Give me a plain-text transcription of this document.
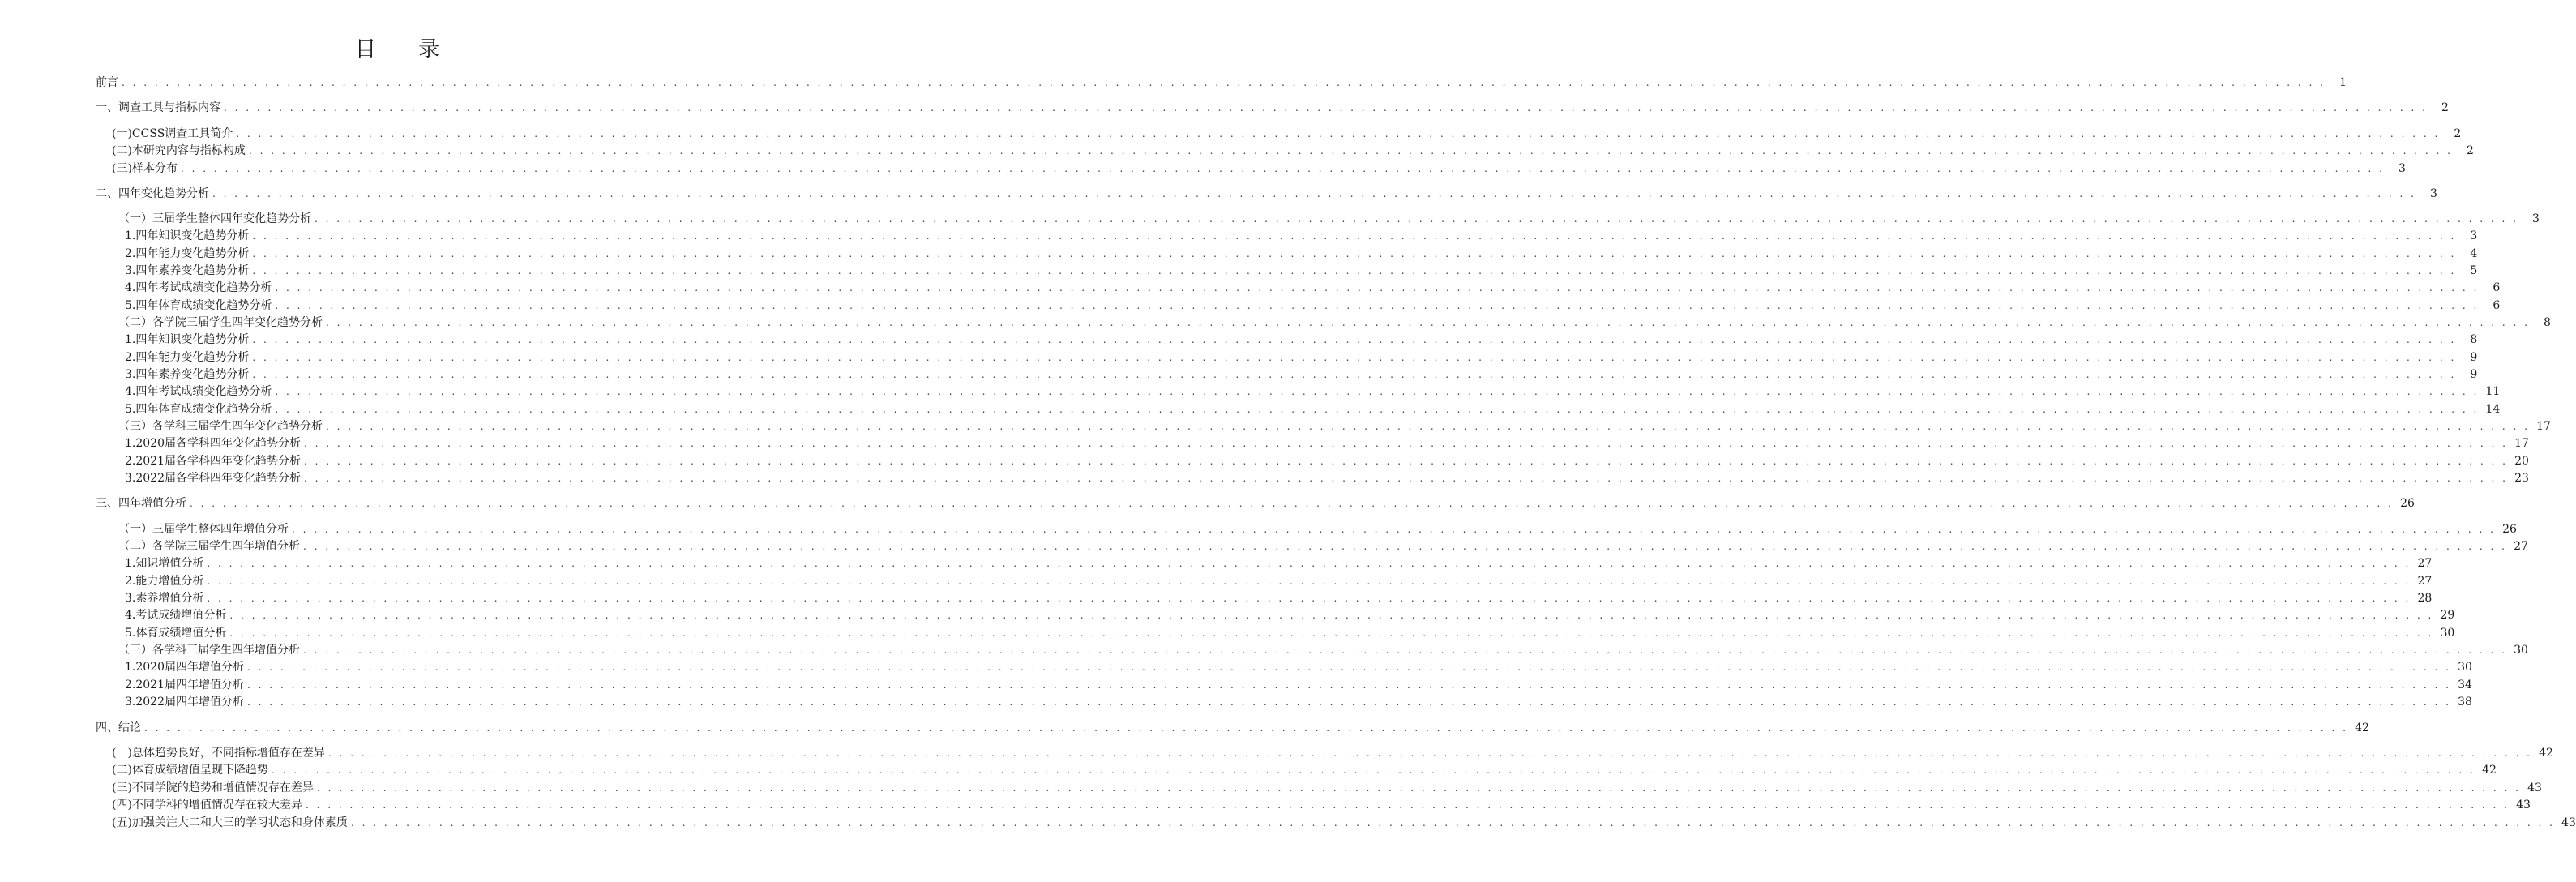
目 录
前言 . . . . . . . . . . . . . . . . . . . . . . . . . . . . . . . . . . . . . . . . . . . . . . . . . . . . . . . . . . . . . . . . . . . . . . . . . . . . . . . . . . . . . . . . . . . . . . . . . . . . . . . . . . . . . . . . . . . . . . . . . . . . . . . . . . . . . . . . . . . . . . . . . . . . . . . . . . . . . . . . . . . . . . . . . . . . . . . . . . . . . . . . . . . . . . . . . . . . . . . .	1
一、调查工具与指标内容 . . . . . . . . . . . . . . . . . . . . . . . . . . . . . . . . . . . . . . . . . . . . . . . . . . . . . . . . . . . . . . . . . . . . . . . . . . . . . . . . . . . . . . . . . . . . . . . . . . . . . . . . . . . . . . . . . . . . . . . . . . . . . . . . . . . . . . . . . . . . . . . . . . . . . . . . . . . . . . . . . . . . . . . . . . . . . . . . . . . . . . . . . . . . . . . . . . . . . . . .	2
(一)CCSS调查工具简介 . . . . . . . . . . . . . . . . . . . . . . . . . . . . . . . . . . . . . . . . . . . . . . . . . . . . . . . . . . . . . . . . . . . . . . . . . . . . . . . . . . . . . . . . . . . . . . . . . . . . . . . . . . . . . . . . . . . . . . . . . . . . . . . . . . . . . . . . . . . . . . . . . . . . . . . . . . . . . . . . . . . . . . . . . . . . . . . . . . . . . . . . . . . . . . . . . . . . . . . .	2
(二)本研究内容与指标构成 . . . . . . . . . . . . . . . . . . . . . . . . . . . . . . . . . . . . . . . . . . . . . . . . . . . . . . . . . . . . . . . . . . . . . . . . . . . . . . . . . . . . . . . . . . . . . . . . . . . . . . . . . . . . . . . . . . . . . . . . . . . . . . . . . . . . . . . . . . . . . . . . . . . . . . . . . . . . . . . . . . . . . . . . . . . . . . . . . . . . . . . . . . . . . . . . . . . . . . . .	2
(三)样本分布 . . . . . . . . . . . . . . . . . . . . . . . . . . . . . . . . . . . . . . . . . . . . . . . . . . . . . . . . . . . . . . . . . . . . . . . . . . . . . . . . . . . . . . . . . . . . . . . . . . . . . . . . . . . . . . . . . . . . . . . . . . . . . . . . . . . . . . . . . . . . . . . . . . . . . . . . . . . . . . . . . . . . . . . . . . . . . . . . . . . . . . . . . . . . . . . . . . . . . . . .	3
二、四年变化趋势分析 . . . . . . . . . . . . . . . . . . . . . . . . . . . . . . . . . . . . . . . . . . . . . . . . . . . . . . . . . . . . . . . . . . . . . . . . . . . . . . . . . . . . . . . . . . . . . . . . . . . . . . . . . . . . . . . . . . . . . . . . . . . . . . . . . . . . . . . . . . . . . . . . . . . . . . . . . . . . . . . . . . . . . . . . . . . . . . . . . . . . . . . . . . . . . . . . . . . . . . . .	3
（一）三届学生整体四年变化趋势分析 . . . . . . . . . . . . . . . . . . . . . . . . . . . . . . . . . . . . . . . . . . . . . . . . . . . . . . . . . . . . . . . . . . . . . . . . . . . . . . . . . . . . . . . . . . . . . . . . . . . . . . . . . . . . . . . . . . . . . . . . . . . . . . . . . . . . . . . . . . . . . . . . . . . . . . . . . . . . . . . . . . . . . . . . . . . . . . . . . . . . . . . . . . . . . . . . . . . . . . . .	3
1.四年知识变化趋势分析 . . . . . . . . . . . . . . . . . . . . . . . . . . . . . . . . . . . . . . . . . . . . . . . . . . . . . . . . . . . . . . . . . . . . . . . . . . . . . . . . . . . . . . . . . . . . . . . . . . . . . . . . . . . . . . . . . . . . . . . . . . . . . . . . . . . . . . . . . . . . . . . . . . . . . . . . . . . . . . . . . . . . . . . . . . . . . . . . . . . . . . . . . . . . . . . . . . . . . . . .	3
2.四年能力变化趋势分析 . . . . . . . . . . . . . . . . . . . . . . . . . . . . . . . . . . . . . . . . . . . . . . . . . . . . . . . . . . . . . . . . . . . . . . . . . . . . . . . . . . . . . . . . . . . . . . . . . . . . . . . . . . . . . . . . . . . . . . . . . . . . . . . . . . . . . . . . . . . . . . . . . . . . . . . . . . . . . . . . . . . . . . . . . . . . . . . . . . . . . . . . . . . . . . . . . . . . . . . .	4
3.四年素养变化趋势分析 . . . . . . . . . . . . . . . . . . . . . . . . . . . . . . . . . . . . . . . . . . . . . . . . . . . . . . . . . . . . . . . . . . . . . . . . . . . . . . . . . . . . . . . . . . . . . . . . . . . . . . . . . . . . . . . . . . . . . . . . . . . . . . . . . . . . . . . . . . . . . . . . . . . . . . . . . . . . . . . . . . . . . . . . . . . . . . . . . . . . . . . . . . . . . . . . . . . . . . . .	5
4.四年考试成绩变化趋势分析 . . . . . . . . . . . . . . . . . . . . . . . . . . . . . . . . . . . . . . . . . . . . . . . . . . . . . . . . . . . . . . . . . . . . . . . . . . . . . . . . . . . . . . . . . . . . . . . . . . . . . . . . . . . . . . . . . . . . . . . . . . . . . . . . . . . . . . . . . . . . . . . . . . . . . . . . . . . . . . . . . . . . . . . . . . . . . . . . . . . . . . . . . . . . . . . . . . . . . . . .	6
5.四年体育成绩变化趋势分析 . . . . . . . . . . . . . . . . . . . . . . . . . . . . . . . . . . . . . . . . . . . . . . . . . . . . . . . . . . . . . . . . . . . . . . . . . . . . . . . . . . . . . . . . . . . . . . . . . . . . . . . . . . . . . . . . . . . . . . . . . . . . . . . . . . . . . . . . . . . . . . . . . . . . . . . . . . . . . . . . . . . . . . . . . . . . . . . . . . . . . . . . . . . . . . . . . . . . . . . .	6
（二）各学院三届学生四年变化趋势分析 . . . . . . . . . . . . . . . . . . . . . . . . . . . . . . . . . . . . . . . . . . . . . . . . . . . . . . . . . . . . . . . . . . . . . . . . . . . . . . . . . . . . . . . . . . . . . . . . . . . . . . . . . . . . . . . . . . . . . . . . . . . . . . . . . . . . . . . . . . . . . . . . . . . . . . . . . . . . . . . . . . . . . . . . . . . . . . . . . . . . . . . . . . . . . . . . . . . . . . . .	8
1.四年知识变化趋势分析 . . . . . . . . . . . . . . . . . . . . . . . . . . . . . . . . . . . . . . . . . . . . . . . . . . . . . . . . . . . . . . . . . . . . . . . . . . . . . . . . . . . . . . . . . . . . . . . . . . . . . . . . . . . . . . . . . . . . . . . . . . . . . . . . . . . . . . . . . . . . . . . . . . . . . . . . . . . . . . . . . . . . . . . . . . . . . . . . . . . . . . . . . . . . . . . . . . . . . . . .	8
2.四年能力变化趋势分析 . . . . . . . . . . . . . . . . . . . . . . . . . . . . . . . . . . . . . . . . . . . . . . . . . . . . . . . . . . . . . . . . . . . . . . . . . . . . . . . . . . . . . . . . . . . . . . . . . . . . . . . . . . . . . . . . . . . . . . . . . . . . . . . . . . . . . . . . . . . . . . . . . . . . . . . . . . . . . . . . . . . . . . . . . . . . . . . . . . . . . . . . . . . . . . . . . . . . . . . .	9
3.四年素养变化趋势分析 . . . . . . . . . . . . . . . . . . . . . . . . . . . . . . . . . . . . . . . . . . . . . . . . . . . . . . . . . . . . . . . . . . . . . . . . . . . . . . . . . . . . . . . . . . . . . . . . . . . . . . . . . . . . . . . . . . . . . . . . . . . . . . . . . . . . . . . . . . . . . . . . . . . . . . . . . . . . . . . . . . . . . . . . . . . . . . . . . . . . . . . . . . . . . . . . . . . . . . . .	9
4.四年考试成绩变化趋势分析 . . . . . . . . . . . . . . . . . . . . . . . . . . . . . . . . . . . . . . . . . . . . . . . . . . . . . . . . . . . . . . . . . . . . . . . . . . . . . . . . . . . . . . . . . . . . . . . . . . . . . . . . . . . . . . . . . . . . . . . . . . . . . . . . . . . . . . . . . . . . . . . . . . . . . . . . . . . . . . . . . . . . . . . . . . . . . . . . . . . . . . . . . . . . . . . . . . . . . . . . 11
5.四年体育成绩变化趋势分析 . . . . . . . . . . . . . . . . . . . . . . . . . . . . . . . . . . . . . . . . . . . . . . . . . . . . . . . . . . . . . . . . . . . . . . . . . . . . . . . . . . . . . . . . . . . . . . . . . . . . . . . . . . . . . . . . . . . . . . . . . . . . . . . . . . . . . . . . . . . . . . . . . . . . . . . . . . . . . . . . . . . . . . . . . . . . . . . . . . . . . . . . . . . . . . . . . . . . . . . . 14
（三）各学科三届学生四年变化趋势分析 . . . . . . . . . . . . . . . . . . . . . . . . . . . . . . . . . . . . . . . . . . . . . . . . . . . . . . . . . . . . . . . . . . . . . . . . . . . . . . . . . . . . . . . . . . . . . . . . . . . . . . . . . . . . . . . . . . . . . . . . . . . . . . . . . . . . . . . . . . . . . . . . . . . . . . . . . . . . . . . . . . . . . . . . . . . . . . . . . . . . . . . . . . . . . . . . . . . . . . . . 17
1.2020届各学科四年变化趋势分析 . . . . . . . . . . . . . . . . . . . . . . . . . . . . . . . . . . . . . . . . . . . . . . . . . . . . . . . . . . . . . . . . . . . . . . . . . . . . . . . . . . . . . . . . . . . . . . . . . . . . . . . . . . . . . . . . . . . . . . . . . . . . . . . . . . . . . . . . . . . . . . . . . . . . . . . . . . . . . . . . . . . . . . . . . . . . . . . . . . . . . . . . . . . . . . . . . . . . . . . . 17
2.2021届各学科四年变化趋势分析 . . . . . . . . . . . . . . . . . . . . . . . . . . . . . . . . . . . . . . . . . . . . . . . . . . . . . . . . . . . . . . . . . . . . . . . . . . . . . . . . . . . . . . . . . . . . . . . . . . . . . . . . . . . . . . . . . . . . . . . . . . . . . . . . . . . . . . . . . . . . . . . . . . . . . . . . . . . . . . . . . . . . . . . . . . . . . . . . . . . . . . . . . . . . . . . . . . . . . . . . 20
3.2022届各学科四年变化趋势分析 . . . . . . . . . . . . . . . . . . . . . . . . . . . . . . . . . . . . . . . . . . . . . . . . . . . . . . . . . . . . . . . . . . . . . . . . . . . . . . . . . . . . . . . . . . . . . . . . . . . . . . . . . . . . . . . . . . . . . . . . . . . . . . . . . . . . . . . . . . . . . . . . . . . . . . . . . . . . . . . . . . . . . . . . . . . . . . . . . . . . . . . . . . . . . . . . . . . . . . . . 23
三、四年增值分析 . . . . . . . . . . . . . . . . . . . . . . . . . . . . . . . . . . . . . . . . . . . . . . . . . . . . . . . . . . . . . . . . . . . . . . . . . . . . . . . . . . . . . . . . . . . . . . . . . . . . . . . . . . . . . . . . . . . . . . . . . . . . . . . . . . . . . . . . . . . . . . . . . . . . . . . . . . . . . . . . . . . . . . . . . . . . . . . . . . . . . . . . . . . . . . . . . . . . . . . . 26
（一）三届学生整体四年增值分析 . . . . . . . . . . . . . . . . . . . . . . . . . . . . . . . . . . . . . . . . . . . . . . . . . . . . . . . . . . . . . . . . . . . . . . . . . . . . . . . . . . . . . . . . . . . . . . . . . . . . . . . . . . . . . . . . . . . . . . . . . . . . . . . . . . . . . . . . . . . . . . . . . . . . . . . . . . . . . . . . . . . . . . . . . . . . . . . . . . . . . . . . . . . . . . . . . . . . . . . . 26
（二）各学院三届学生四年增值分析 . . . . . . . . . . . . . . . . . . . . . . . . . . . . . . . . . . . . . . . . . . . . . . . . . . . . . . . . . . . . . . . . . . . . . . . . . . . . . . . . . . . . . . . . . . . . . . . . . . . . . . . . . . . . . . . . . . . . . . . . . . . . . . . . . . . . . . . . . . . . . . . . . . . . . . . . . . . . . . . . . . . . . . . . . . . . . . . . . . . . . . . . . . . . . . . . . . . . . . . . 27
1.知识增值分析 . . . . . . . . . . . . . . . . . . . . . . . . . . . . . . . . . . . . . . . . . . . . . . . . . . . . . . . . . . . . . . . . . . . . . . . . . . . . . . . . . . . . . . . . . . . . . . . . . . . . . . . . . . . . . . . . . . . . . . . . . . . . . . . . . . . . . . . . . . . . . . . . . . . . . . . . . . . . . . . . . . . . . . . . . . . . . . . . . . . . . . . . . . . . . . . . . . . . . . . . 27
2.能力增值分析 . . . . . . . . . . . . . . . . . . . . . . . . . . . . . . . . . . . . . . . . . . . . . . . . . . . . . . . . . . . . . . . . . . . . . . . . . . . . . . . . . . . . . . . . . . . . . . . . . . . . . . . . . . . . . . . . . . . . . . . . . . . . . . . . . . . . . . . . . . . . . . . . . . . . . . . . . . . . . . . . . . . . . . . . . . . . . . . . . . . . . . . . . . . . . . . . . . . . . . . . 27
3.素养增值分析 . . . . . . . . . . . . . . . . . . . . . . . . . . . . . . . . . . . . . . . . . . . . . . . . . . . . . . . . . . . . . . . . . . . . . . . . . . . . . . . . . . . . . . . . . . . . . . . . . . . . . . . . . . . . . . . . . . . . . . . . . . . . . . . . . . . . . . . . . . . . . . . . . . . . . . . . . . . . . . . . . . . . . . . . . . . . . . . . . . . . . . . . . . . . . . . . . . . . . . . . 28
4.考试成绩增值分析 . . . . . . . . . . . . . . . . . . . . . . . . . . . . . . . . . . . . . . . . . . . . . . . . . . . . . . . . . . . . . . . . . . . . . . . . . . . . . . . . . . . . . . . . . . . . . . . . . . . . . . . . . . . . . . . . . . . . . . . . . . . . . . . . . . . . . . . . . . . . . . . . . . . . . . . . . . . . . . . . . . . . . . . . . . . . . . . . . . . . . . . . . . . . . . . . . . . . . . . . 29
5.体育成绩增值分析 . . . . . . . . . . . . . . . . . . . . . . . . . . . . . . . . . . . . . . . . . . . . . . . . . . . . . . . . . . . . . . . . . . . . . . . . . . . . . . . . . . . . . . . . . . . . . . . . . . . . . . . . . . . . . . . . . . . . . . . . . . . . . . . . . . . . . . . . . . . . . . . . . . . . . . . . . . . . . . . . . . . . . . . . . . . . . . . . . . . . . . . . . . . . . . . . . . . . . . . . 30
（三）各学科三届学生四年增值分析 . . . . . . . . . . . . . . . . . . . . . . . . . . . . . . . . . . . . . . . . . . . . . . . . . . . . . . . . . . . . . . . . . . . . . . . . . . . . . . . . . . . . . . . . . . . . . . . . . . . . . . . . . . . . . . . . . . . . . . . . . . . . . . . . . . . . . . . . . . . . . . . . . . . . . . . . . . . . . . . . . . . . . . . . . . . . . . . . . . . . . . . . . . . . . . . . . . . . . . . . 30
1.2020届四年增值分析 . . . . . . . . . . . . . . . . . . . . . . . . . . . . . . . . . . . . . . . . . . . . . . . . . . . . . . . . . . . . . . . . . . . . . . . . . . . . . . . . . . . . . . . . . . . . . . . . . . . . . . . . . . . . . . . . . . . . . . . . . . . . . . . . . . . . . . . . . . . . . . . . . . . . . . . . . . . . . . . . . . . . . . . . . . . . . . . . . . . . . . . . . . . . . . . . . . . . . . . . 30
2.2021届四年增值分析 . . . . . . . . . . . . . . . . . . . . . . . . . . . . . . . . . . . . . . . . . . . . . . . . . . . . . . . . . . . . . . . . . . . . . . . . . . . . . . . . . . . . . . . . . . . . . . . . . . . . . . . . . . . . . . . . . . . . . . . . . . . . . . . . . . . . . . . . . . . . . . . . . . . . . . . . . . . . . . . . . . . . . . . . . . . . . . . . . . . . . . . . . . . . . . . . . . . . . . . . 34
3.2022届四年增值分析 . . . . . . . . . . . . . . . . . . . . . . . . . . . . . . . . . . . . . . . . . . . . . . . . . . . . . . . . . . . . . . . . . . . . . . . . . . . . . . . . . . . . . . . . . . . . . . . . . . . . . . . . . . . . . . . . . . . . . . . . . . . . . . . . . . . . . . . . . . . . . . . . . . . . . . . . . . . . . . . . . . . . . . . . . . . . . . . . . . . . . . . . . . . . . . . . . . . . . . . . 38
四、结论 . . . . . . . . . . . . . . . . . . . . . . . . . . . . . . . . . . . . . . . . . . . . . . . . . . . . . . . . . . . . . . . . . . . . . . . . . . . . . . . . . . . . . . . . . . . . . . . . . . . . . . . . . . . . . . . . . . . . . . . . . . . . . . . . . . . . . . . . . . . . . . . . . . . . . . . . . . . . . . . . . . . . . . . . . . . . . . . . . . . . . . . . . . . . . . . . . . . . . . . . 42
(一)总体趋势良好，不同指标增值存在差异 . . . . . . . . . . . . . . . . . . . . . . . . . . . . . . . . . . . . . . . . . . . . . . . . . . . . . . . . . . . . . . . . . . . . . . . . . . . . . . . . . . . . . . . . . . . . . . . . . . . . . . . . . . . . . . . . . . . . . . . . . . . . . . . . . . . . . . . . . . . . . . . . . . . . . . . . . . . . . . . . . . . . . . . . . . . . . . . . . . . . . . . . . . . . . . . . . . . . . . . . 42
(二)体育成绩增值呈现下降趋势 . . . . . . . . . . . . . . . . . . . . . . . . . . . . . . . . . . . . . . . . . . . . . . . . . . . . . . . . . . . . . . . . . . . . . . . . . . . . . . . . . . . . . . . . . . . . . . . . . . . . . . . . . . . . . . . . . . . . . . . . . . . . . . . . . . . . . . . . . . . . . . . . . . . . . . . . . . . . . . . . . . . . . . . . . . . . . . . . . . . . . . . . . . . . . . . . . . . . . . . . 42
(三)不同学院的趋势和增值情况存在差异 . . . . . . . . . . . . . . . . . . . . . . . . . . . . . . . . . . . . . . . . . . . . . . . . . . . . . . . . . . . . . . . . . . . . . . . . . . . . . . . . . . . . . . . . . . . . . . . . . . . . . . . . . . . . . . . . . . . . . . . . . . . . . . . . . . . . . . . . . . . . . . . . . . . . . . . . . . . . . . . . . . . . . . . . . . . . . . . . . . . . . . . . . . . . . . . . . . . . . . . . 43
(四)不同学科的增值情况存在较大差异 . . . . . . . . . . . . . . . . . . . . . . . . . . . . . . . . . . . . . . . . . . . . . . . . . . . . . . . . . . . . . . . . . . . . . . . . . . . . . . . . . . . . . . . . . . . . . . . . . . . . . . . . . . . . . . . . . . . . . . . . . . . . . . . . . . . . . . . . . . . . . . . . . . . . . . . . . . . . . . . . . . . . . . . . . . . . . . . . . . . . . . . . . . . . . . . . . . . . . . . . 43
(五)加强关注大二和大三的学习状态和身体素质 . . . . . . . . . . . . . . . . . . . . . . . . . . . . . . . . . . . . . . . . . . . . . . . . . . . . . . . . . . . . . . . . . . . . . . . . . . . . . . . . . . . . . . . . . . . . . . . . . . . . . . . . . . . . . . . . . . . . . . . . . . . . . . . . . . . . . . . . . . . . . . . . . . . . . . . . . . . . . . . . . . . . . . . . . . . . . . . . . . . . . . . . . . . . . . . . . . . . . . . . 43
